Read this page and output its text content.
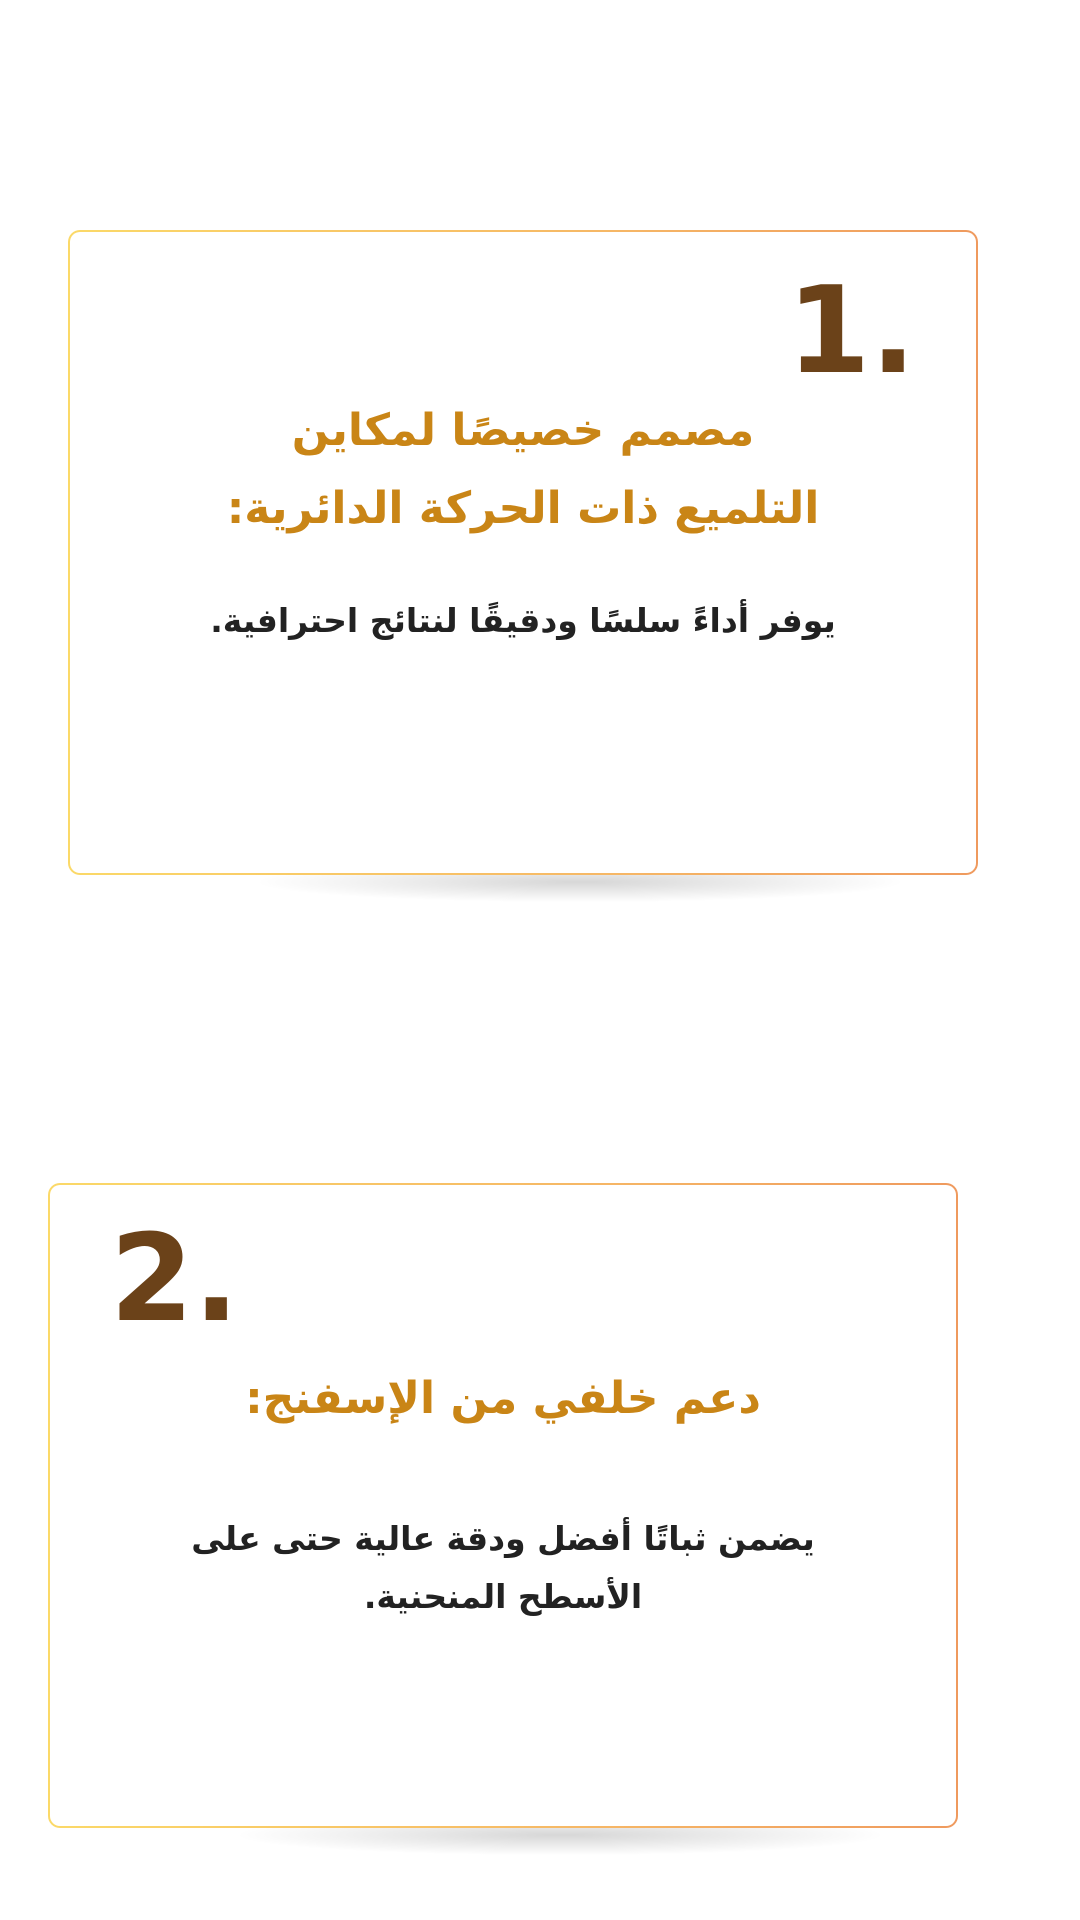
1.
مصمم خصيصًا لمكاين التلميع ذات الحركة الدائرية:
يوفر أداءً سلسًا ودقيقًا لنتائج احترافية.
2.
دعم خلفي من الإسفنج:
يضمن ثباتًا أفضل ودقة عالية حتى على الأسطح المنحنية.
